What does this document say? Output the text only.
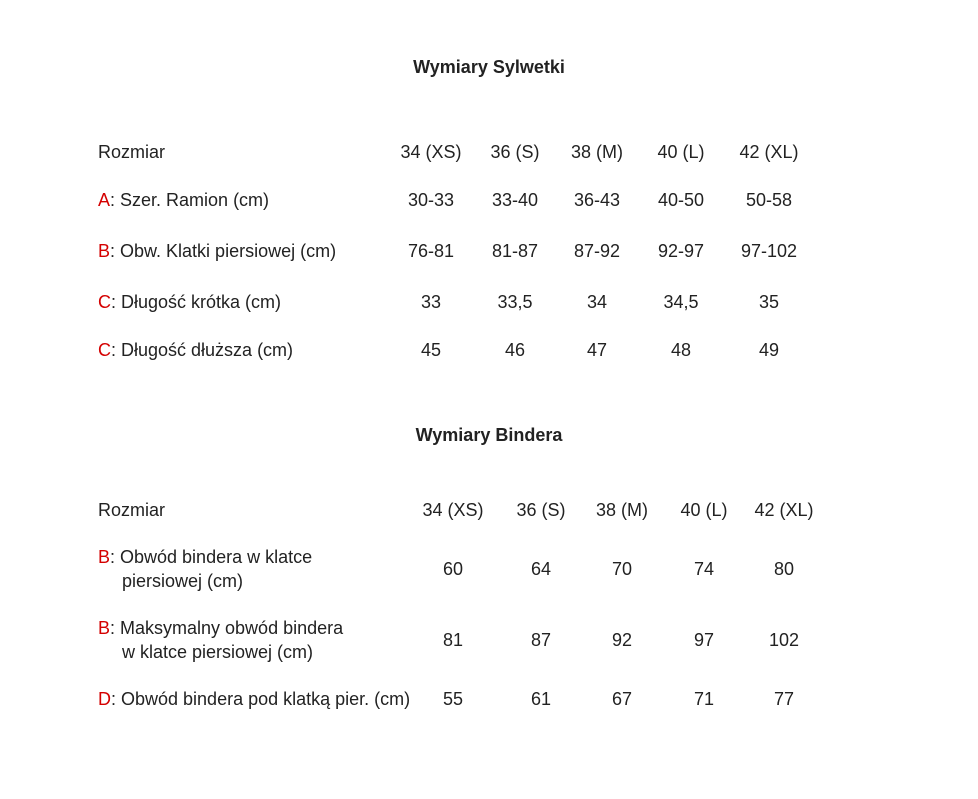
Wymiary Sylwetki
Rozmiar	34 (XS)	36 (S)	38 (M)	40 (L)	42 (XL)
A: Szer. Ramion (cm)	30-33	33-40	36-43	40-50	50-58
B: Obw. Klatki piersiowej (cm)	76-81	81-87	87-92	92-97	97-102
C: Długość krótka (cm)	33	33,5	34	34,5	35
C: Długość dłuższa (cm)	45	46	47	48	49
Wymiary Bindera
Rozmiar	34 (XS)	36 (S)	38 (M)	40 (L)	42 (XL)
B: Obwód bindera w klatce
piersiowej (cm)
60	64	70	74	80
B: Maksymalny obwód bindera
w klatce piersiowej (cm)
81	87	92	97	102
D: Obwód bindera pod klatką pier. (cm)	55	61	67	71	77
